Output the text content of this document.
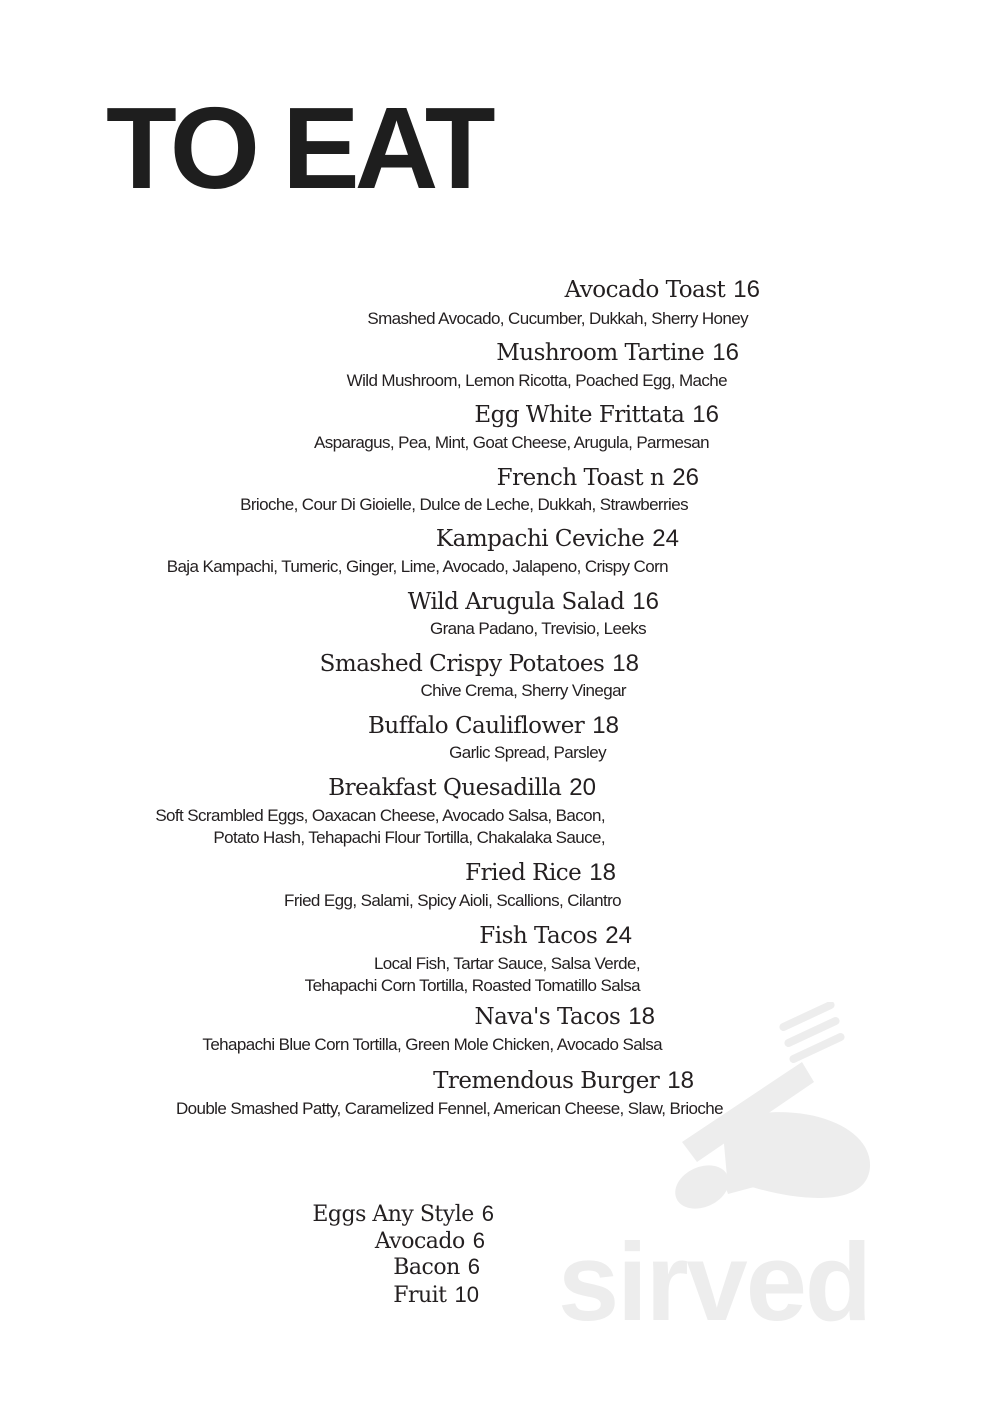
TO EAT
sirved
Avocado Toast 16
Smashed Avocado, Cucumber, Dukkah, Sherry Honey
Mushroom Tartine 16
Wild Mushroom, Lemon Ricotta, Poached Egg, Mache
Egg White Frittata 16
Asparagus, Pea, Mint, Goat Cheese, Arugula, Parmesan
French Toast n 26
Brioche, Cour Di Gioielle, Dulce de Leche, Dukkah, Strawberries
Kampachi Ceviche 24
Baja Kampachi, Tumeric, Ginger, Lime, Avocado, Jalapeno, Crispy Corn
Wild Arugula Salad 16
Grana Padano, Trevisio, Leeks
Smashed Crispy Potatoes 18
Chive Crema, Sherry Vinegar
Buffalo Cauliflower 18
Garlic Spread, Parsley
Breakfast Quesadilla 20
Soft Scrambled Eggs, Oaxacan Cheese, Avocado Salsa, Bacon,
Potato Hash, Tehapachi Flour Tortilla, Chakalaka Sauce,
Fried Rice 18
Fried Egg, Salami, Spicy Aioli, Scallions, Cilantro
Fish Tacos 24
Local Fish, Tartar Sauce, Salsa Verde,
Tehapachi Corn Tortilla, Roasted Tomatillo Salsa
Nava's Tacos 18
Tehapachi Blue Corn Tortilla, Green Mole Chicken, Avocado Salsa
Tremendous Burger 18
Double Smashed Patty, Caramelized Fennel, American Cheese, Slaw, Brioche
Eggs Any Style 6
Avocado 6
Bacon 6
Fruit 10
